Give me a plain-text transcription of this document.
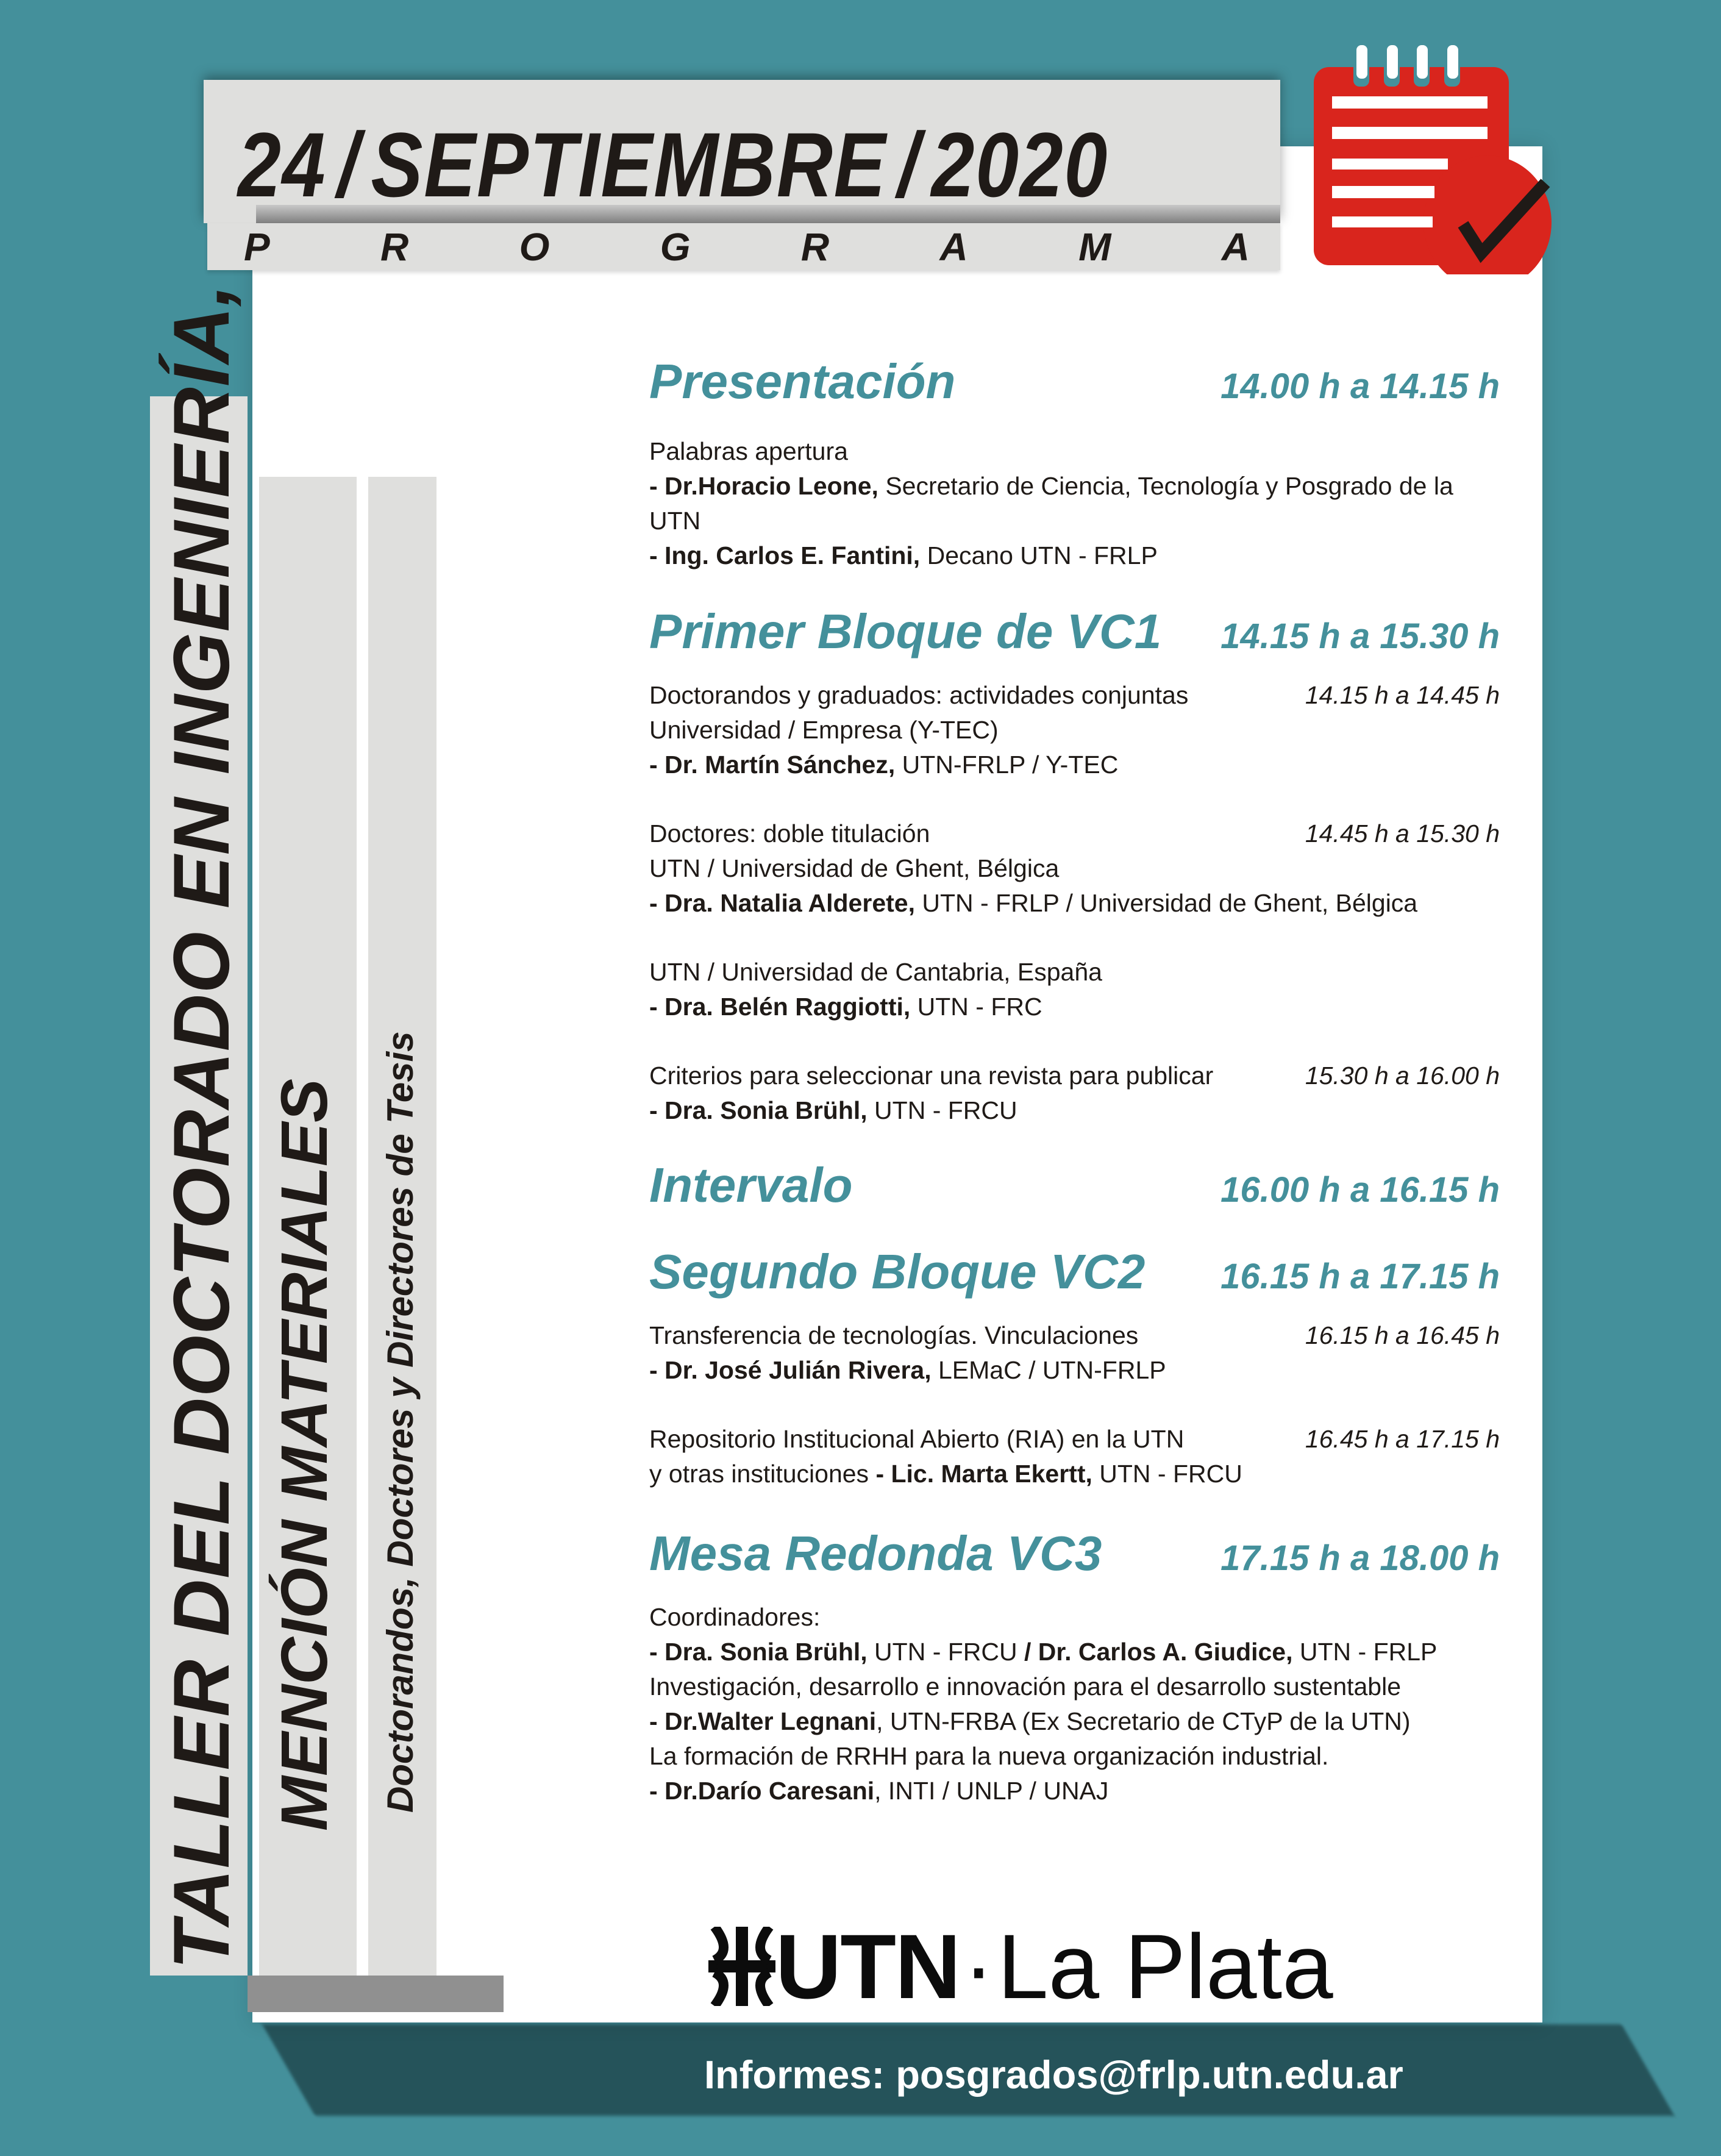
24 / SEPTIEMBRE / 2020
P	R	O	G	R	A	M	A
TALLER DEL DOCTORADO EN INGENIERÍA, MENCIÓN MATERIALES Doctorandos, Doctores y Directores de Tesis
Presentación	14.00 h a 14.15 h
Palabras apertura
- Dr.Horacio Leone, Secretario de Ciencia, Tecnología y Posgrado de la UTN
- Ing. Carlos E. Fantini, Decano UTN - FRLP
Primer Bloque de VC1 14.15 h a 15.30 h
Doctorandos y graduados: actividades conjuntas	14.15 h a 14.45 h
Universidad / Empresa (Y-TEC)
- Dr. Martín Sánchez, UTN-FRLP / Y-TEC
Doctores: doble titulación	14.45 h a 15.30 h
UTN / Universidad de Ghent, Bélgica
- Dra. Natalia Alderete, UTN - FRLP / Universidad de Ghent, Bélgica
UTN / Universidad de Cantabria, España
- Dra. Belén Raggiotti, UTN - FRC
Criterios para seleccionar una revista para publicar	15.30 h a 16.00 h
- Dra. Sonia Brühl, UTN - FRCU
Intervalo	16.00 h a 16.15 h
Segundo Bloque VC2 16.15 h a 17.15 h
Transferencia de tecnologías. Vinculaciones	16.15 h a 16.45 h
- Dr. José Julián Rivera, LEMaC / UTN-FRLP
Repositorio Institucional Abierto (RIA) en la UTN	16.45 h a 17.15 h
y otras instituciones - Lic. Marta Ekertt, UTN - FRCU
Mesa Redonda VC3	17.15 h a 18.00 h
Coordinadores:
- Dra. Sonia Brühl, UTN - FRCU / Dr. Carlos A. Giudice, UTN - FRLP
Investigación, desarrollo e innovación para el desarrollo sustentable
- Dr.Walter Legnani, UTN-FRBA (Ex Secretario de CTyP de la UTN)
La formación de RRHH para la nueva organización industrial.
- Dr.Darío Caresani, INTI / UNLP / UNAJ
UTN · La Plata
Informes: posgrados@frlp.utn.edu.ar
